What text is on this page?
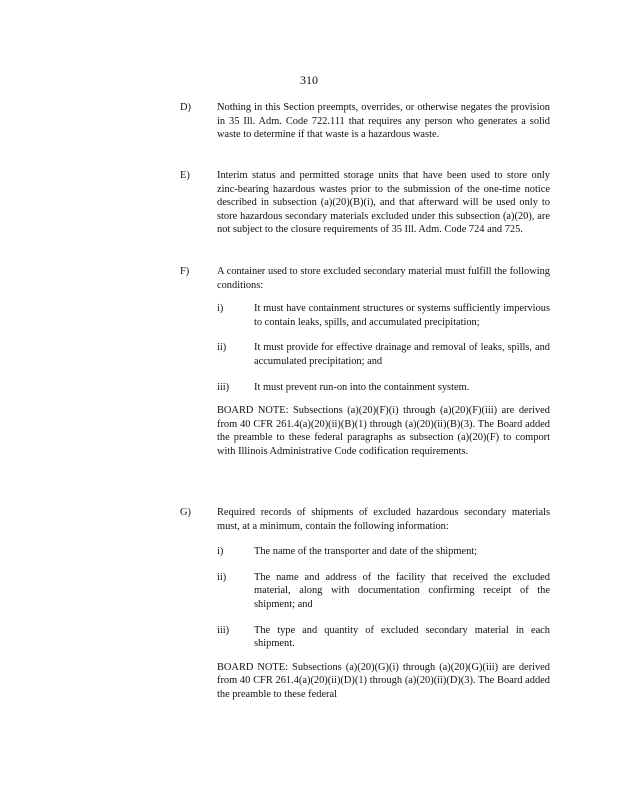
310
D)	Nothing in this Section preempts, overrides, or otherwise negates the provision in 35 Ill. Adm. Code 722.111 that requires any person who generates a solid waste to determine if that waste is a hazardous waste.
E)	Interim status and permitted storage units that have been used to store only zinc-bearing hazardous wastes prior to the submission of the one-time notice described in subsection (a)(20)(B)(i), and that afterward will be used only to store hazardous secondary materials excluded under this subsection (a)(20), are not subject to the closure requirements of 35 Ill. Adm. Code 724 and 725.
F)	A container used to store excluded secondary material must fulfill the following conditions:
i)	It must have containment structures or systems sufficiently impervious to contain leaks, spills, and accumulated precipitation;
ii)	It must provide for effective drainage and removal of leaks, spills, and accumulated precipitation; and
iii) It must prevent run-on into the containment system.
BOARD NOTE: Subsections (a)(20)(F)(i) through (a)(20)(F)(iii) are derived from 40 CFR 261.4(a)(20)(ii)(B)(1) through (a)(20)(ii)(B)(3). The Board added the preamble to these federal paragraphs as subsection (a)(20)(F) to comport with Illinois Administrative Code codification requirements.
G)	Required records of shipments of excluded hazardous secondary materials must, at a minimum, contain the following information:
i)	The name of the transporter and date of the shipment;
ii)	The name and address of the facility that received the excluded material, along with documentation confirming receipt of the shipment; and
iii) The type and quantity of excluded secondary material in each shipment.
BOARD NOTE: Subsections (a)(20)(G)(i) through (a)(20)(G)(iii) are derived from 40 CFR 261.4(a)(20)(ii)(D)(1) through (a)(20)(ii)(D)(3). The Board added the preamble to these federal
